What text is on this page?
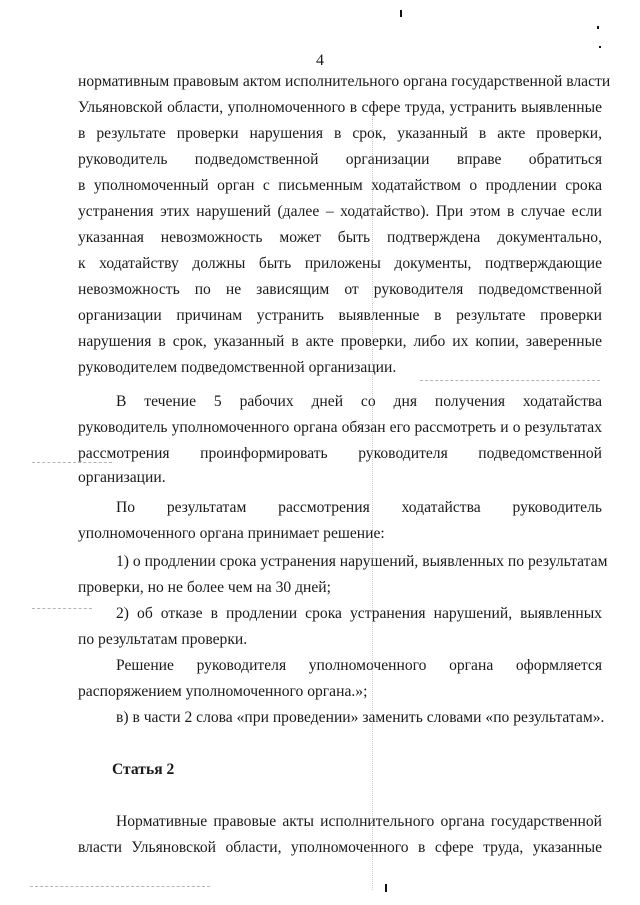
4
нормативным правовым актом исполнительного органа государственной власти
Ульяновской области, уполномоченного в сфере труда, устранить выявленные
в результате проверки нарушения в срок, указанный в акте проверки,
руководитель подведомственной организации вправе обратиться
в уполномоченный орган с письменным ходатайством о продлении срока
устранения этих нарушений (далее – ходатайство). При этом в случае если
указанная невозможность может быть подтверждена документально,
к ходатайству должны быть приложены документы, подтверждающие
невозможность по не зависящим от руководителя подведомственной
организации причинам устранить выявленные в результате проверки
нарушения в срок, указанный в акте проверки, либо их копии, заверенные
руководителем подведомственной организации.
В течение 5 рабочих дней со дня получения ходатайства
руководитель уполномоченного органа обязан его рассмотреть и о результатах
рассмотрения проинформировать руководителя подведомственной
организации.
По результатам рассмотрения ходатайства руководитель
уполномоченного органа принимает решение:
1) о продлении срока устранения нарушений, выявленных по результатам
проверки, но не более чем на 30 дней;
2) об отказе в продлении срока устранения нарушений, выявленных
по результатам проверки.
Решение руководителя уполномоченного органа оформляется
распоряжением уполномоченного органа.»;
в) в части 2 слова «при проведении» заменить словами «по результатам».
Статья 2
Нормативные правовые акты исполнительного органа государственной
власти Ульяновской области, уполномоченного в сфере труда, указанные
